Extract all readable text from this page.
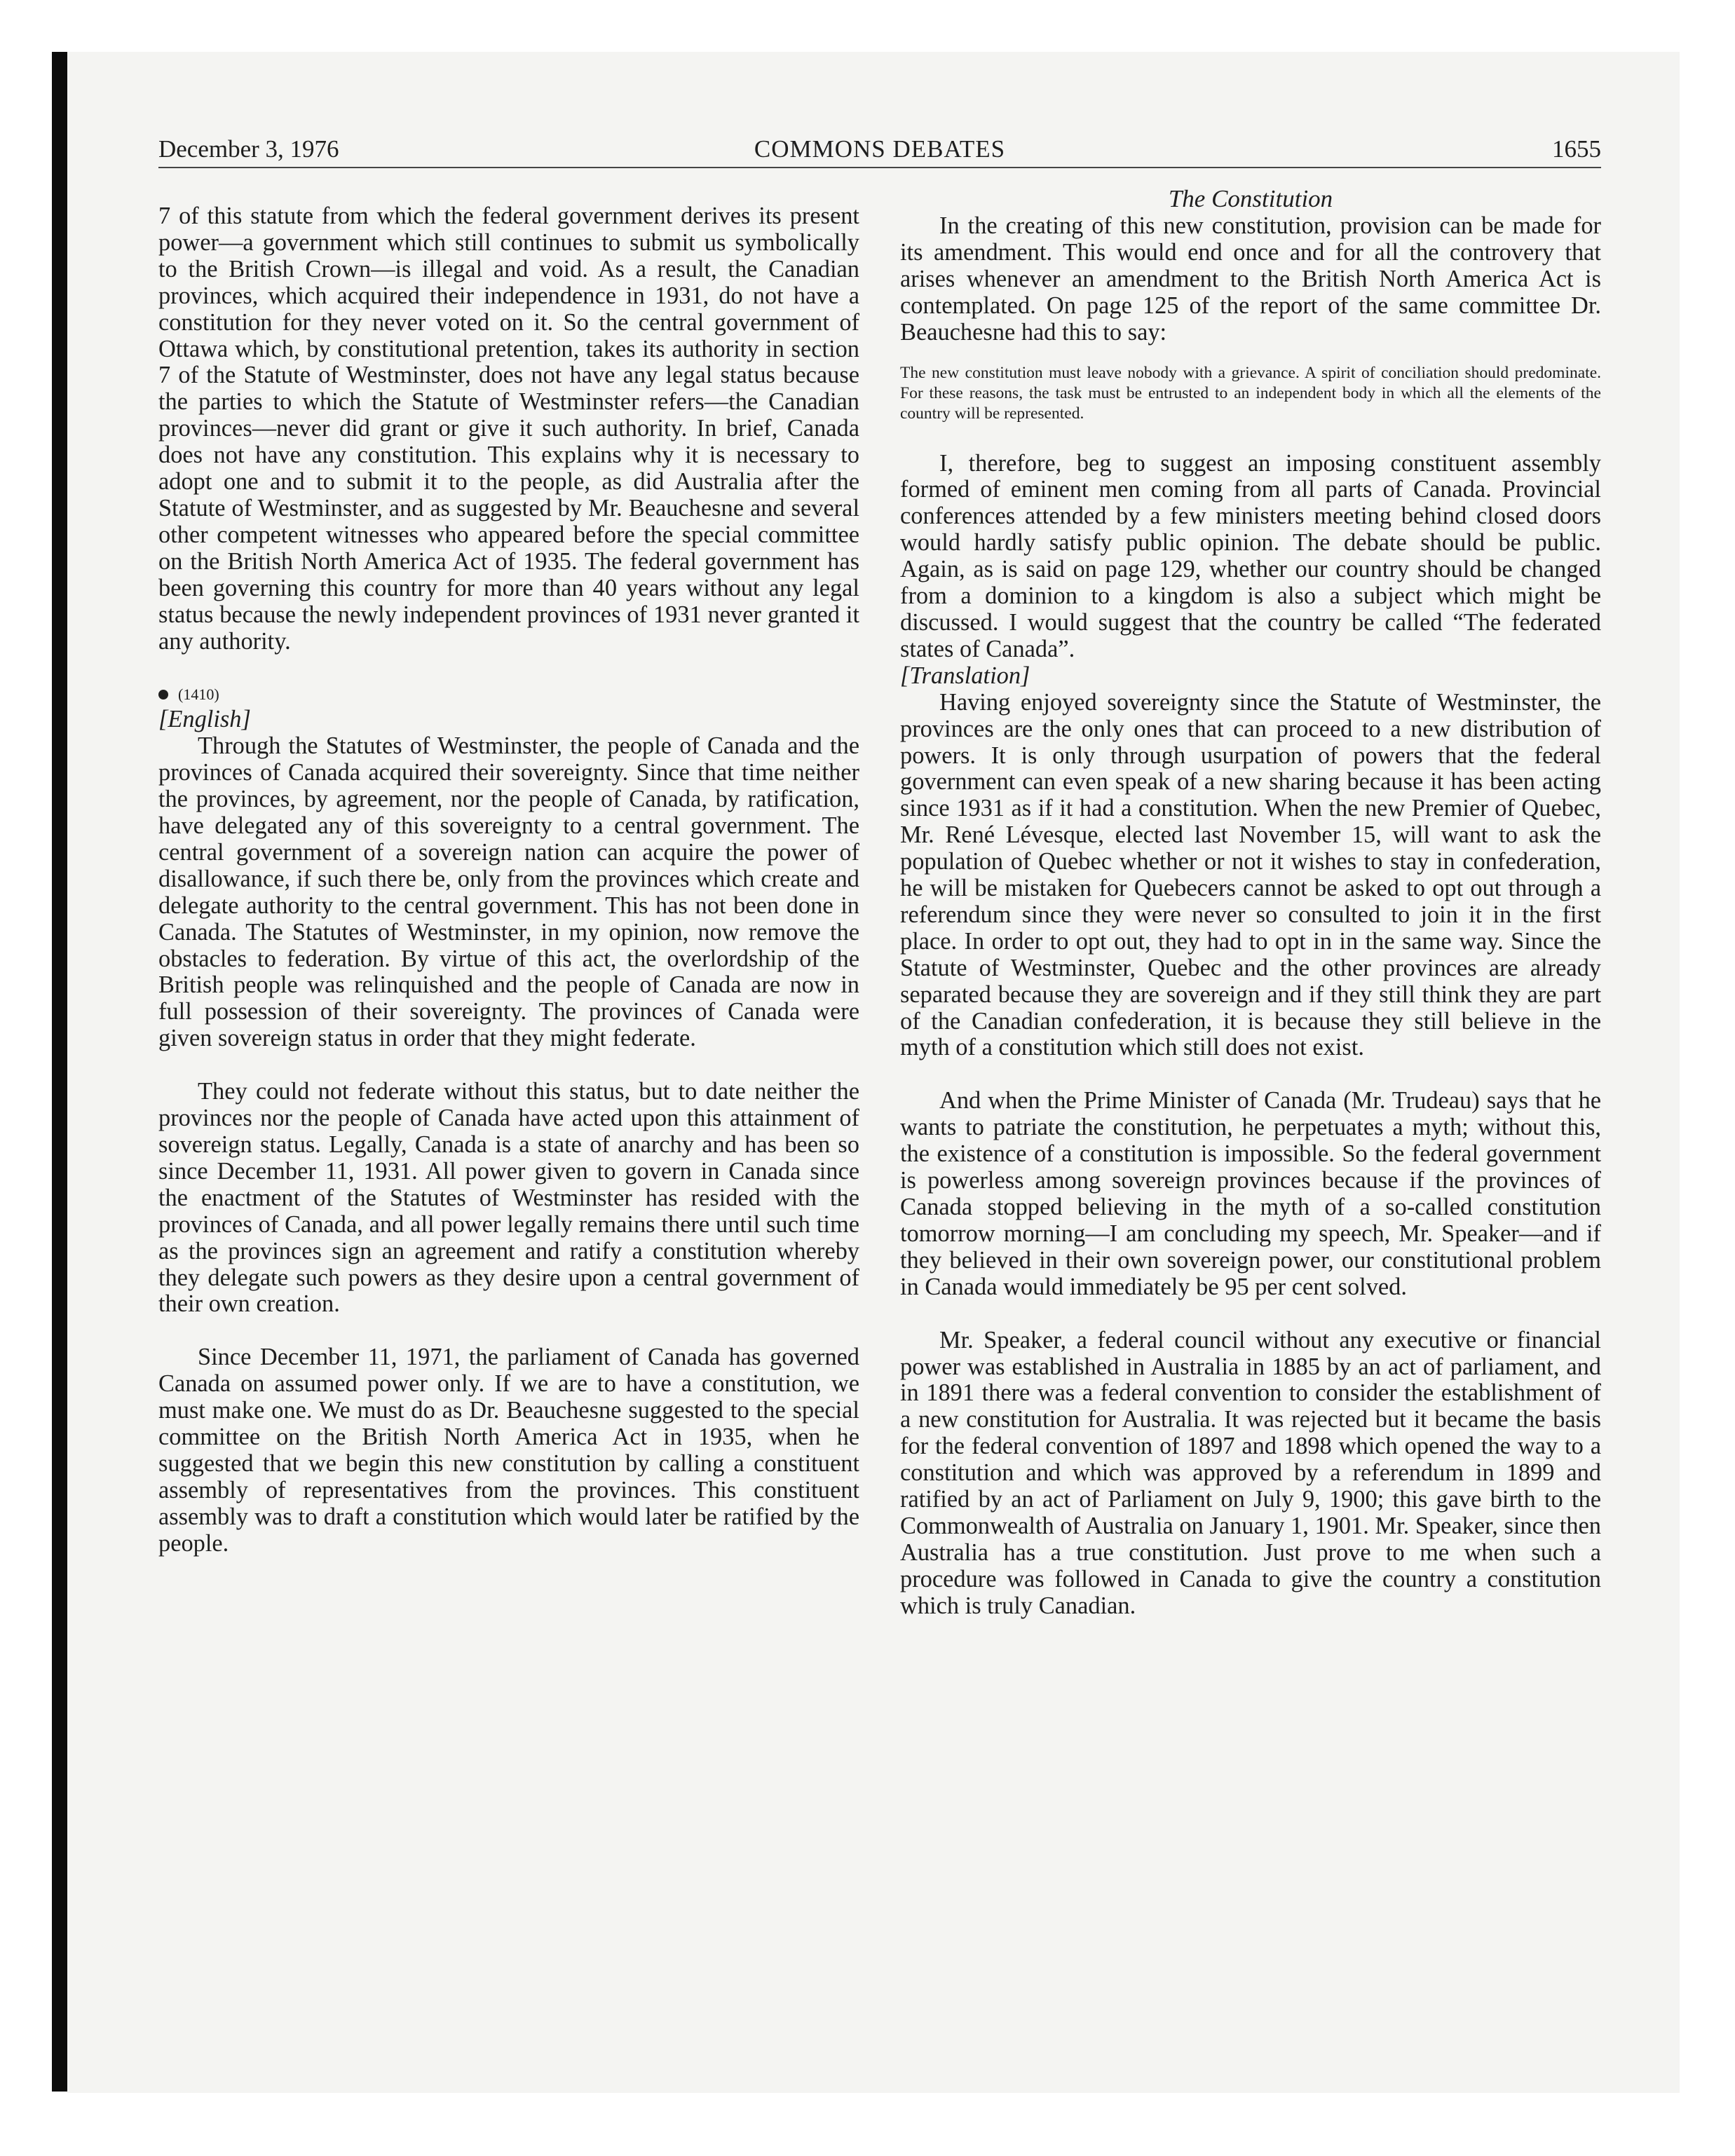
December 3, 1976	COMMONS DEBATES	1655

7 of this statute from which the federal government derives its present power—a government which still continues to submit us symbolically to the British Crown—is illegal and void. As a result, the Canadian provinces, which acquired their independence in 1931, do not have a constitution for they never voted on it. So the central government of Ottawa which, by constitutional pretention, takes its authority in section 7 of the Statute of Westminster, does not have any legal status because the parties to which the Statute of Westminster refers—the Canadian provinces—never did grant or give it such authority. In brief, Canada does not have any constitution. This explains why it is necessary to adopt one and to submit it to the people, as did Australia after the Statute of Westminster, and as suggested by Mr. Beauchesne and several other competent witnesses who appeared before the special committee on the British North America Act of 1935. The federal government has been governing this country for more than 40 years without any legal status because the newly independent provinces of 1931 never granted it any authority.

(1410)

[English]

Through the Statutes of Westminster, the people of Canada and the provinces of Canada acquired their sovereignty. Since that time neither the provinces, by agreement, nor the people of Canada, by ratification, have delegated any of this sovereignty to a central government. The central government of a sovereign nation can acquire the power of disallowance, if such there be, only from the provinces which create and delegate authority to the central government. This has not been done in Canada. The Statutes of Westminster, in my opinion, now remove the obstacles to federation. By virtue of this act, the overlordship of the British people was relinquished and the people of Canada are now in full possession of their sovereignty. The provinces of Canada were given sovereign status in order that they might federate.

They could not federate without this status, but to date neither the provinces nor the people of Canada have acted upon this attainment of sovereign status. Legally, Canada is a state of anarchy and has been so since December 11, 1931. All power given to govern in Canada since the enactment of the Statutes of Westminster has resided with the provinces of Canada, and all power legally remains there until such time as the provinces sign an agreement and ratify a constitution whereby they delegate such powers as they desire upon a central government of their own creation.

Since December 11, 1971, the parliament of Canada has governed Canada on assumed power only. If we are to have a constitution, we must make one. We must do as Dr. Beauchesne suggested to the special committee on the British North America Act in 1935, when he suggested that we begin this new constitution by calling a constituent assembly of representatives from the provinces. This constituent assembly was to draft a constitution which would later be ratified by the people.

The Constitution

In the creating of this new constitution, provision can be made for its amendment. This would end once and for all the controvery that arises whenever an amendment to the British North America Act is contemplated. On page 125 of the report of the same committee Dr. Beauchesne had this to say:

The new constitution must leave nobody with a grievance. A spirit of conciliation should predominate. For these reasons, the task must be entrusted to an independent body in which all the elements of the country will be represented.

I, therefore, beg to suggest an imposing constituent assembly formed of eminent men coming from all parts of Canada. Provincial conferences attended by a few ministers meeting behind closed doors would hardly satisfy public opinion. The debate should be public. Again, as is said on page 129, whether our country should be changed from a dominion to a kingdom is also a subject which might be discussed. I would suggest that the country be called “The federated states of Canada”.

[Translation]

Having enjoyed sovereignty since the Statute of Westminster, the provinces are the only ones that can proceed to a new distribution of powers. It is only through usurpation of powers that the federal government can even speak of a new sharing because it has been acting since 1931 as if it had a constitution. When the new Premier of Quebec, Mr. René Lévesque, elected last November 15, will want to ask the population of Quebec whether or not it wishes to stay in confederation, he will be mistaken for Quebecers cannot be asked to opt out through a referendum since they were never so consulted to join it in the first place. In order to opt out, they had to opt in in the same way. Since the Statute of Westminster, Quebec and the other provinces are already separated because they are sovereign and if they still think they are part of the Canadian confederation, it is because they still believe in the myth of a constitution which still does not exist.

And when the Prime Minister of Canada (Mr. Trudeau) says that he wants to patriate the constitution, he perpetuates a myth; without this, the existence of a constitution is impossible. So the federal government is powerless among sovereign provinces because if the provinces of Canada stopped believing in the myth of a so-called constitution tomorrow morning—I am concluding my speech, Mr. Speaker—and if they believed in their own sovereign power, our constitutional problem in Canada would immediately be 95 per cent solved.

Mr. Speaker, a federal council without any executive or financial power was established in Australia in 1885 by an act of parliament, and in 1891 there was a federal convention to consider the establishment of a new constitution for Australia. It was rejected but it became the basis for the federal convention of 1897 and 1898 which opened the way to a constitution and which was approved by a referendum in 1899 and ratified by an act of Parliament on July 9, 1900; this gave birth to the Commonwealth of Australia on January 1, 1901. Mr. Speaker, since then Australia has a true constitution. Just prove to me when such a procedure was followed in Canada to give the country a constitution which is truly Canadian.
